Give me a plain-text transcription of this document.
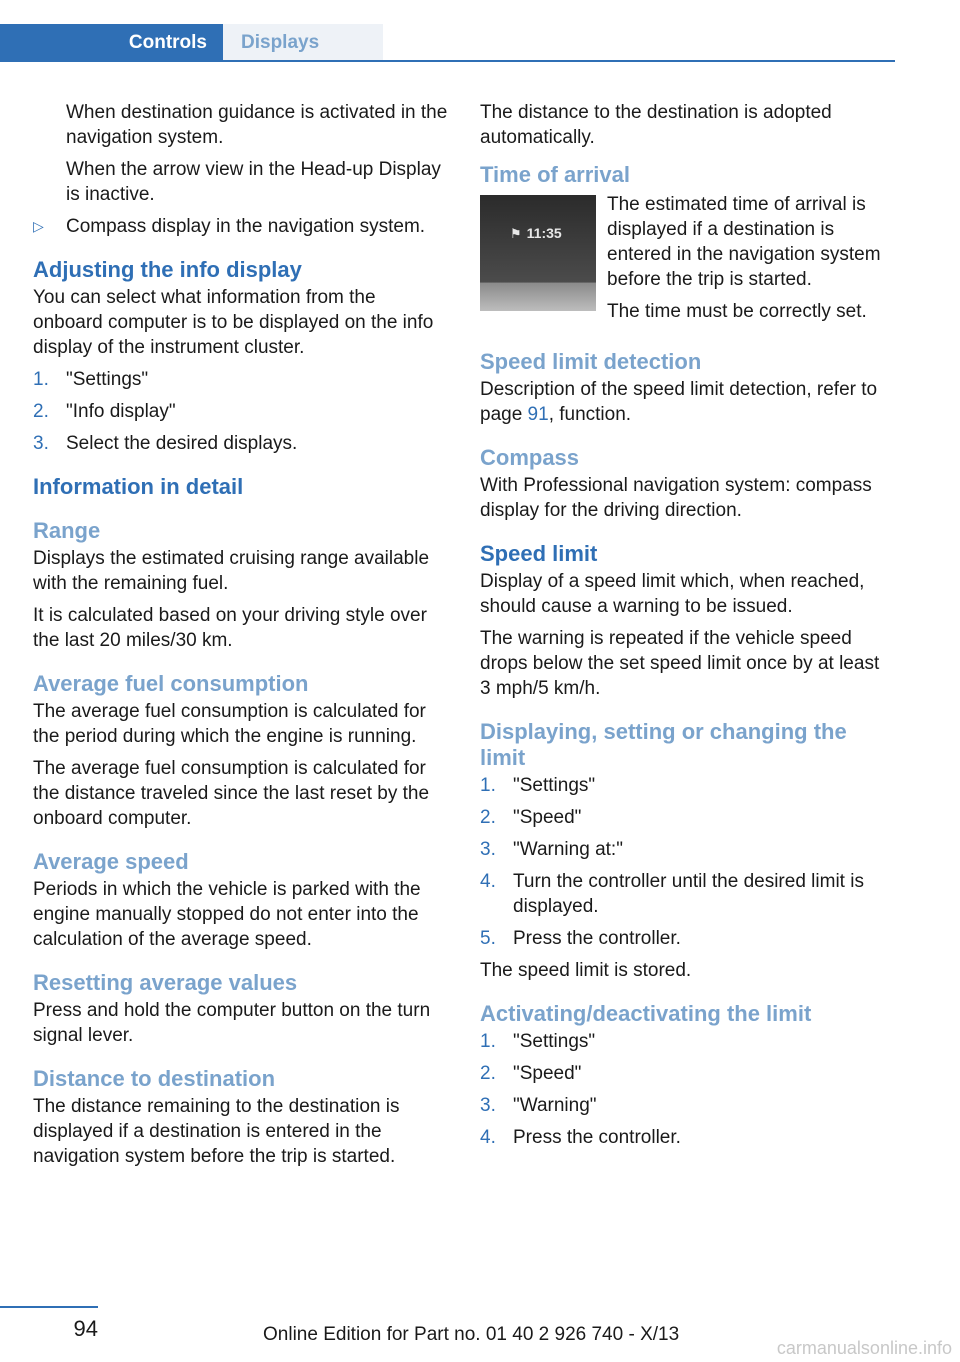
Controls	Displays

When destination guidance is activated in the navigation system.

When the arrow view in the Head-up Display is inactive.

▷	Compass display in the navigation system.
Adjusting the info display

You can select what information from the onboard computer is to be displayed on the info display of the instrument cluster.

1. "Settings"
2. "Info display"
3. Select the desired displays.
Information in detail
Range

Displays the estimated cruising range available with the remaining fuel.

It is calculated based on your driving style over the last 20 miles/30 km.

Average fuel consumption

The average fuel consumption is calculated for the period during which the engine is running.

The average fuel consumption is calculated for the distance traveled since the last reset by the onboard computer.

Average speed

Periods in which the vehicle is parked with the engine manually stopped do not enter into the calculation of the average speed.

Resetting average values

Press and hold the computer button on the turn signal lever.

Distance to destination

The distance remaining to the destination is displayed if a destination is entered in the navigation system before the trip is started.

The distance to the destination is adopted automatically.

Time of arrival
⚑ 11:35

The estimated time of arrival is displayed if a destination is entered in the navigation system before the trip is started.

The time must be correctly set.

Speed limit detection

Description of the speed limit detection, refer to page 91, function.

Compass

With Professional navigation system: compass display for the driving direction.

Speed limit

Display of a speed limit which, when reached, should cause a warning to be issued.

The warning is repeated if the vehicle speed drops below the set speed limit once by at least 3 mph/5 km/h.

Displaying, setting or changing the limit
1. "Settings"
2. "Speed"
3. "Warning at:"
4. Turn the controller until the desired limit is displayed.
5. Press the controller.

The speed limit is stored.

Activating/deactivating the limit
1. "Settings"
2. "Speed"
3. "Warning"
4. Press the controller.
94	Online Edition for Part no. 01 40 2 926 740 - X/13
carmanualsonline.info
